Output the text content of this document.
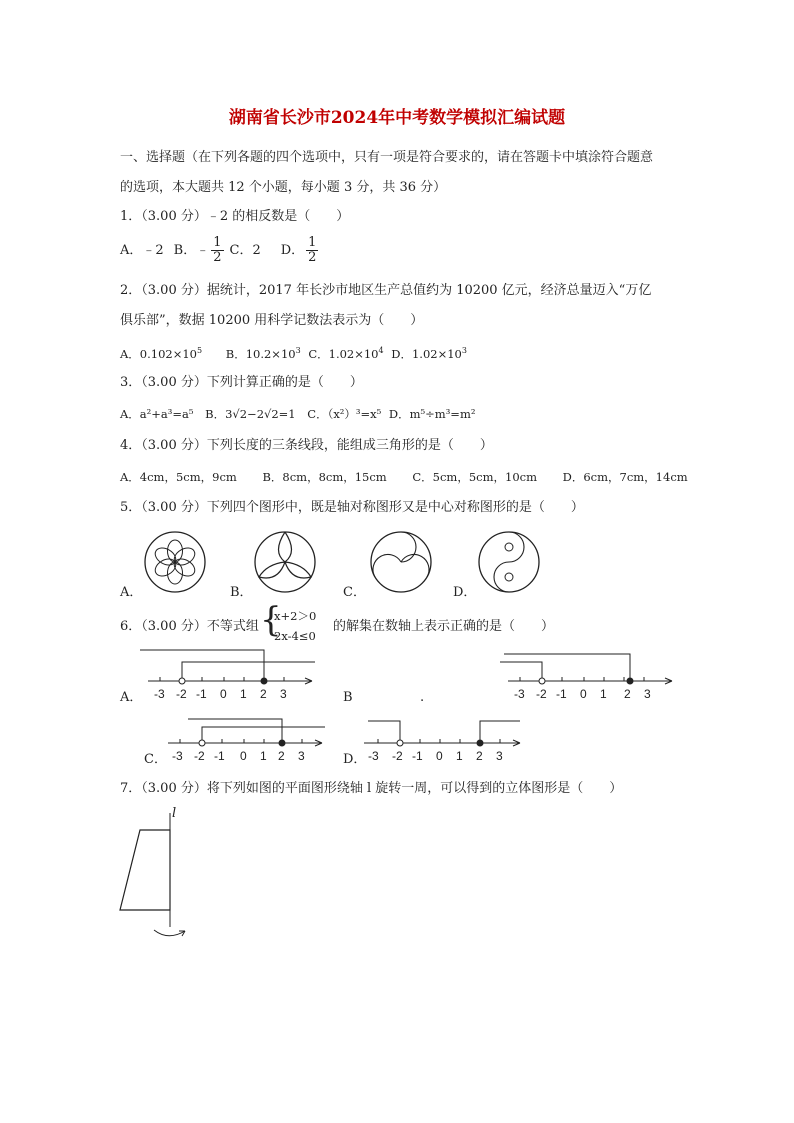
湖南省长沙市2024年中考数学模拟汇编试题
一、选择题（在下列各题的四个选项中，只有一项是符合要求的，请在答题卡中填涂符合题意
的选项，本大题共 12 个小题，每小题 3 分，共 36 分）
1．（3.00 分）﹣2 的相反数是（　　）
A．﹣2 B．﹣ $\frac{1}{2}$ C．2 D． $\frac{1}{2}$
2．（3.00 分）据统计，2017 年长沙市地区生产总值约为 10200 亿元，经济总量迈入“万亿
俱乐部”，数据 10200 用科学记数法表示为（　　）
A．$0.102\times 10^5$ B．$10.2\times 10^3$ C．$1.02\times 10^4$ D．$1.02\times 10^3$
3．（3.00 分）下列计算正确的是（　　）
A．a²+a³=a⁵ B．3√2−2√2=1 C．（x²）³=x⁵ D．m⁵÷m³=m²
4．（3.00 分）下列长度的三条线段，能组成三角形的是（　　）
A．4cm，5cm，9cm B．8cm，8cm，15cm C．5cm，5cm，10cm D．6cm，7cm，14cm
5．（3.00 分）下列四个图形中，既是轴对称图形又是中心对称图形的是（　　）
A．	B．	C．	D．
6．（3.00 分）不等式组 {
x+2＞0
2x-4≤0
的解集在数轴上表示正确的是（　　）
-3 -2 -1 0 1 2 3
A．	B	.	-3 -2 -1 0 1 2 3
-3 -2 -1 0 1 2 3
C．	-3 -2 -1 0 1 2 3
D．
7．（3.00 分）将下列如图的平面图形绕轴 l 旋转一周，可以得到的立体图形是（　　）
l
